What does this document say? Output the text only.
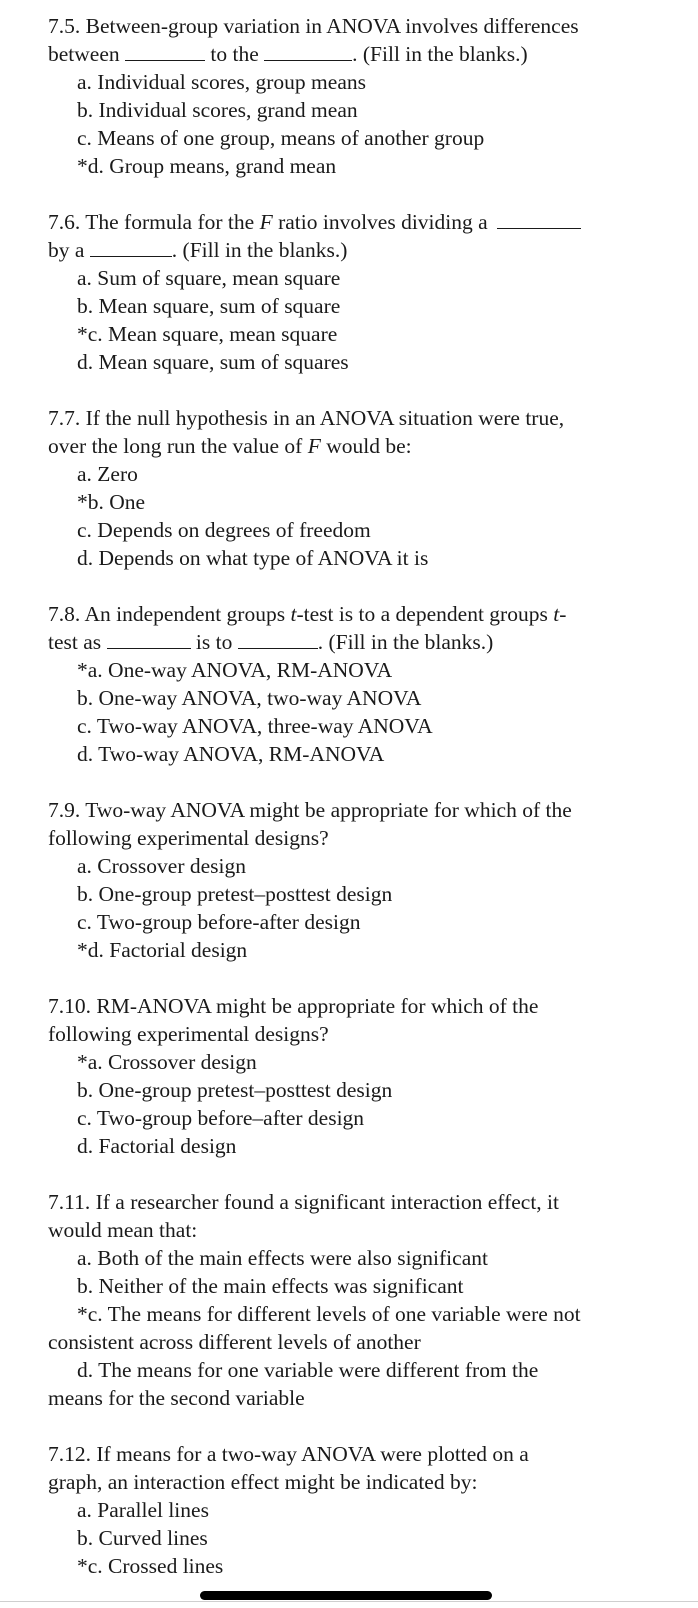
7.5. Between-group variation in ANOVA involves differences
between	to the	. (Fill in the blanks.)
a. Individual scores, group means
b. Individual scores, grand mean
c. Means of one group, means of another group
*d. Group means, grand mean
7.6. The formula for the F ratio involves dividing a
by a	. (Fill in the blanks.)
a. Sum of square, mean square
b. Mean square, sum of square
*c. Mean square, mean square
d. Mean square, sum of squares
7.7. If the null hypothesis in an ANOVA situation were true,
over the long run the value of F would be:
a. Zero
*b. One
c. Depends on degrees of freedom
d. Depends on what type of ANOVA it is
7.8. An independent groups t-test is to a dependent groups t-
test as	is to	. (Fill in the blanks.)
*a. One-way ANOVA, RM-ANOVA
b. One-way ANOVA, two-way ANOVA
c. Two-way ANOVA, three-way ANOVA
d. Two-way ANOVA, RM-ANOVA
7.9. Two-way ANOVA might be appropriate for which of the
following experimental designs?
a. Crossover design
b. One-group pretest–posttest design
c. Two-group before-after design
*d. Factorial design
7.10. RM-ANOVA might be appropriate for which of the
following experimental designs?
*a. Crossover design
b. One-group pretest–posttest design
c. Two-group before–after design
d. Factorial design
7.11. If a researcher found a significant interaction effect, it
would mean that:
a. Both of the main effects were also significant
b. Neither of the main effects was significant
*c. The means for different levels of one variable were not
consistent across different levels of another
d. The means for one variable were different from the
means for the second variable
7.12. If means for a two-way ANOVA were plotted on a
graph, an interaction effect might be indicated by:
a. Parallel lines
b. Curved lines
*c. Crossed lines
